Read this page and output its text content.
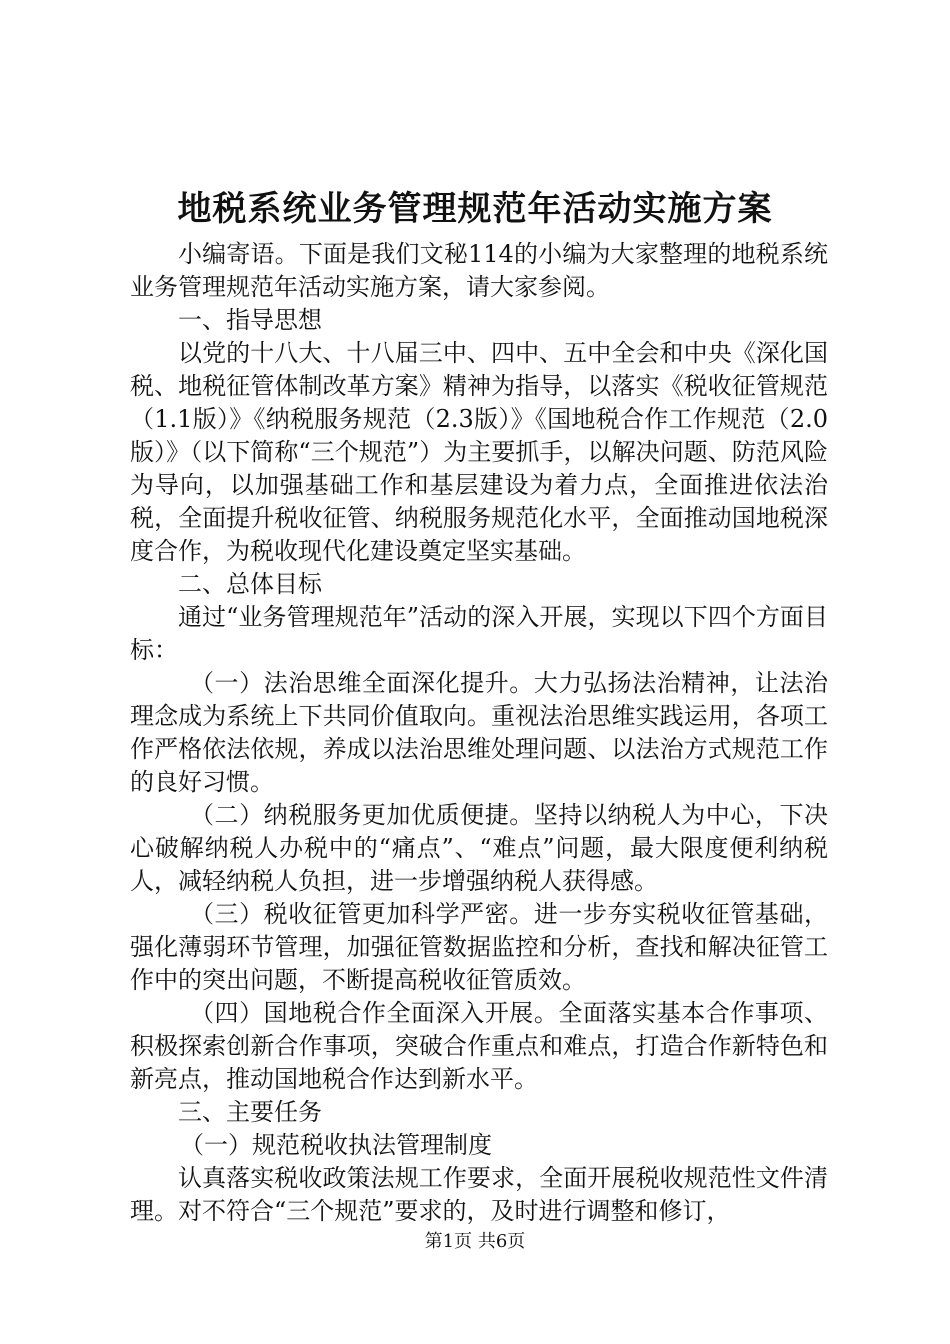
地税系统业务管理规范年活动实施方案

小编寄语。下面是我们文秘114的小编为大家整理的地税系统业务管理规范年活动实施方案，请大家参阅。

一、指导思想

以党的十八大、十八届三中、四中、五中全会和中央《深化国税、地税征管体制改革方案》精神为指导，以落实《税收征管规范（1.1版）》《纳税服务规范（2.3版）》《国地税合作工作规范（2.0版）》（以下简称“三个规范”）为主要抓手，以解决问题、防范风险为导向，以加强基础工作和基层建设为着力点，全面推进依法治税，全面提升税收征管、纳税服务规范化水平，全面推动国地税深度合作，为税收现代化建设奠定坚实基础。

二、总体目标

通过“业务管理规范年”活动的深入开展，实现以下四个方面目标：

（一）法治思维全面深化提升。大力弘扬法治精神，让法治理念成为系统上下共同价值取向。重视法治思维实践运用，各项工作严格依法依规，养成以法治思维处理问题、以法治方式规范工作的良好习惯。

（二）纳税服务更加优质便捷。坚持以纳税人为中心，下决心破解纳税人办税中的“痛点”、“难点”问题，最大限度便利纳税人，减轻纳税人负担，进一步增强纳税人获得感。

（三）税收征管更加科学严密。进一步夯实税收征管基础，强化薄弱环节管理，加强征管数据监控和分析，查找和解决征管工作中的突出问题，不断提高税收征管质效。

（四）国地税合作全面深入开展。全面落实基本合作事项、积极探索创新合作事项，突破合作重点和难点，打造合作新特色和新亮点，推动国地税合作达到新水平。

三、主要任务

（一）规范税收执法管理制度

认真落实税收政策法规工作要求，全面开展税收规范性文件清理。对不符合“三个规范”要求的，及时进行调整和修订，

第1页 共6页
